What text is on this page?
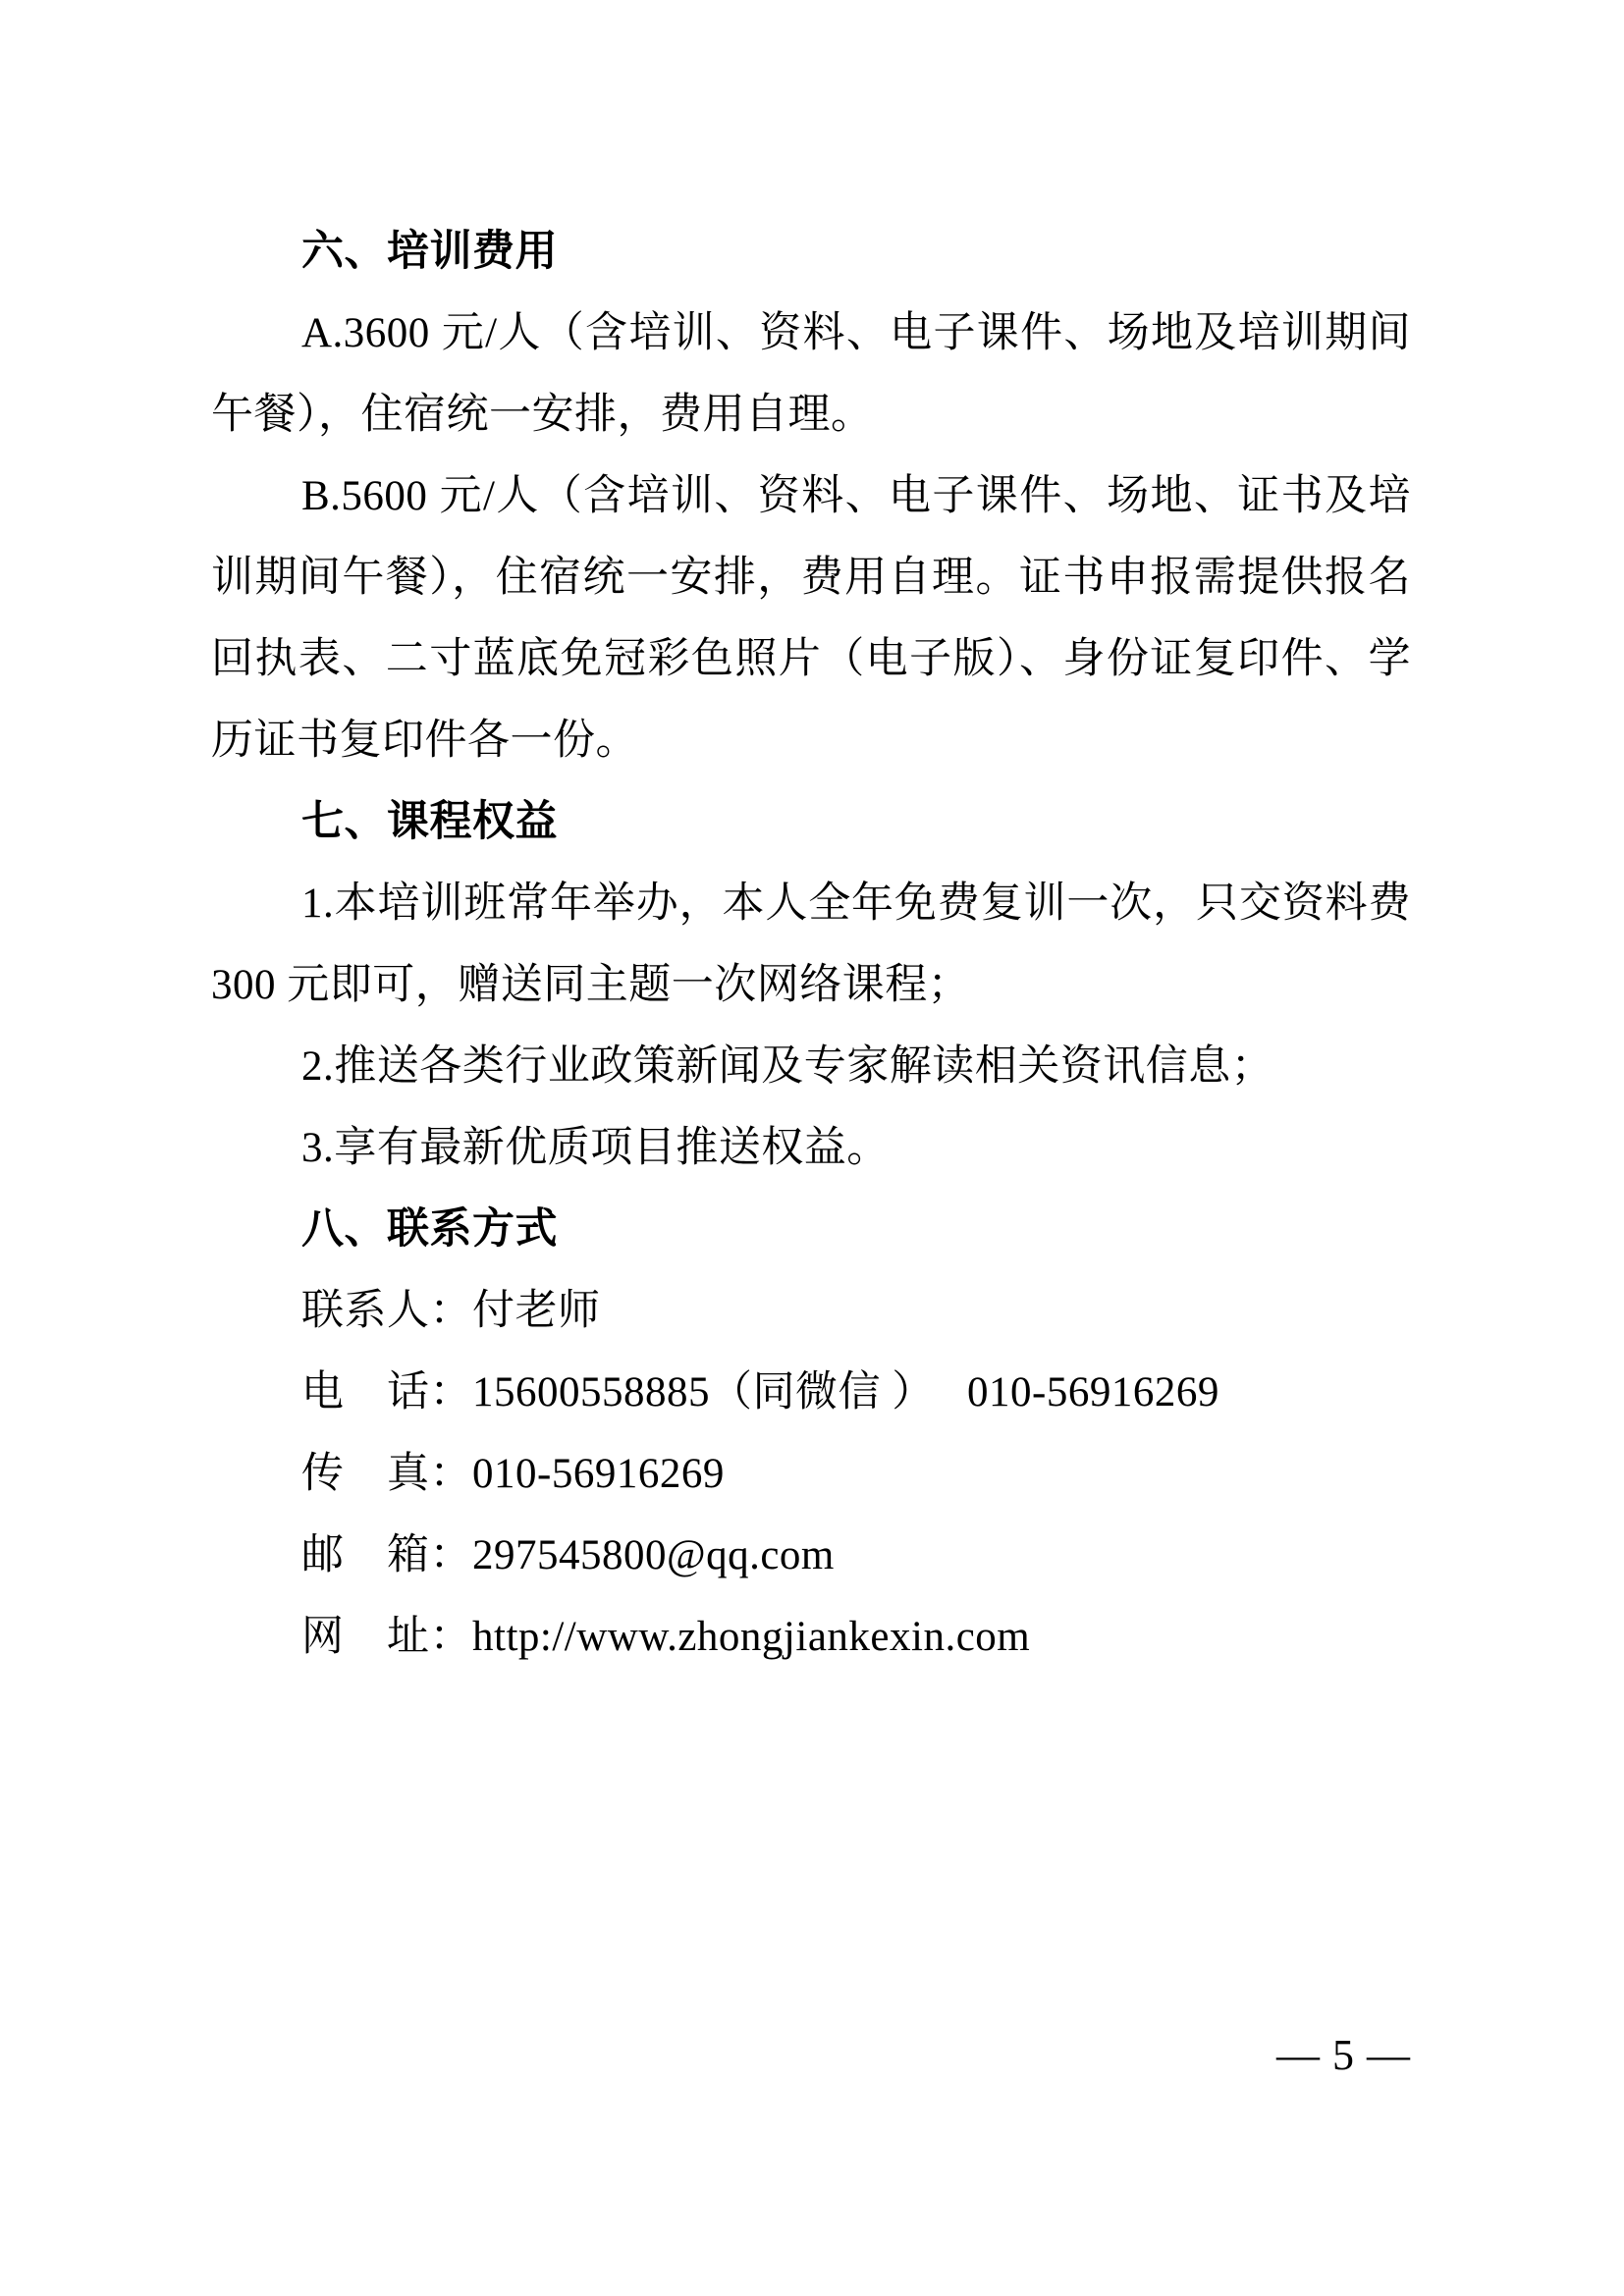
六、培训费用
A.3600 元/人（含培训、资料、电子课件、场地及培训期间
午餐），住宿统一安排，费用自理。
B.5600 元/人（含培训、资料、电子课件、场地、证书及培
训期间午餐），住宿统一安排，费用自理。证书申报需提供报名
回执表、二寸蓝底免冠彩色照片（电子版）、身份证复印件、学
历证书复印件各一份。
七、课程权益
1.本培训班常年举办，本人全年免费复训一次，只交资料费
300 元即可，赠送同主题一次网络课程；
2.推送各类行业政策新闻及专家解读相关资讯信息；
3.享有最新优质项目推送权益。
八、联系方式
联系人：付老师
电　话：15600558885（同微信 ）　 010-56916269
传　真：010-56916269
邮　箱：297545800@qq.com
网　址：http://www.zhongjiankexin.com
— 5 —
